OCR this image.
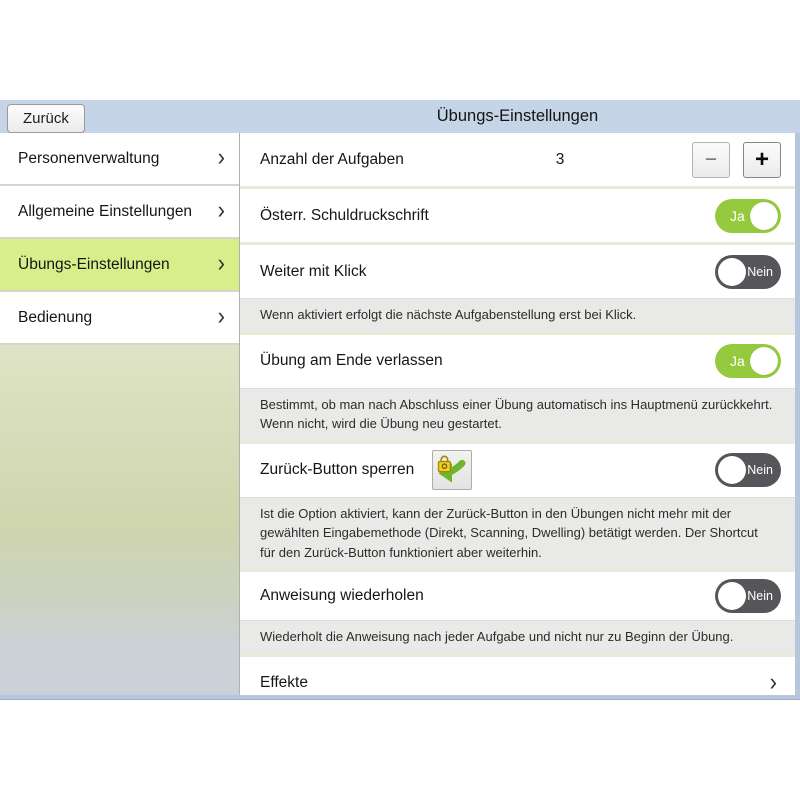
Zurück	Übungs-Einstellungen
Personenverwaltung	›
Allgemeine Einstellungen	›
Übungs-Einstellungen	›
Bedienung	›
Anzahl der Aufgaben	3	− +
Österr. Schuldruckschrift	Ja
Weiter mit Klick	Nein
Wenn aktiviert erfolgt die nächste Aufgabenstellung erst bei Klick.
Übung am Ende verlassen	Ja
Bestimmt, ob man nach Abschluss einer Übung automatisch ins Hauptmenü zurückkehrt. Wenn nicht, wird die Übung neu gestartet.
Zurück-Button sperren	Nein
Ist die Option aktiviert, kann der Zurück-Button in den Übungen nicht mehr mit der gewählten Eingabemethode (Direkt, Scanning, Dwelling) betätigt werden. Der Shortcut für den Zurück-Button funktioniert aber weiterhin.
Anweisung wiederholen	Nein
Wiederholt die Anweisung nach jeder Aufgabe und nicht nur zu Beginn der Übung.
Effekte	›
